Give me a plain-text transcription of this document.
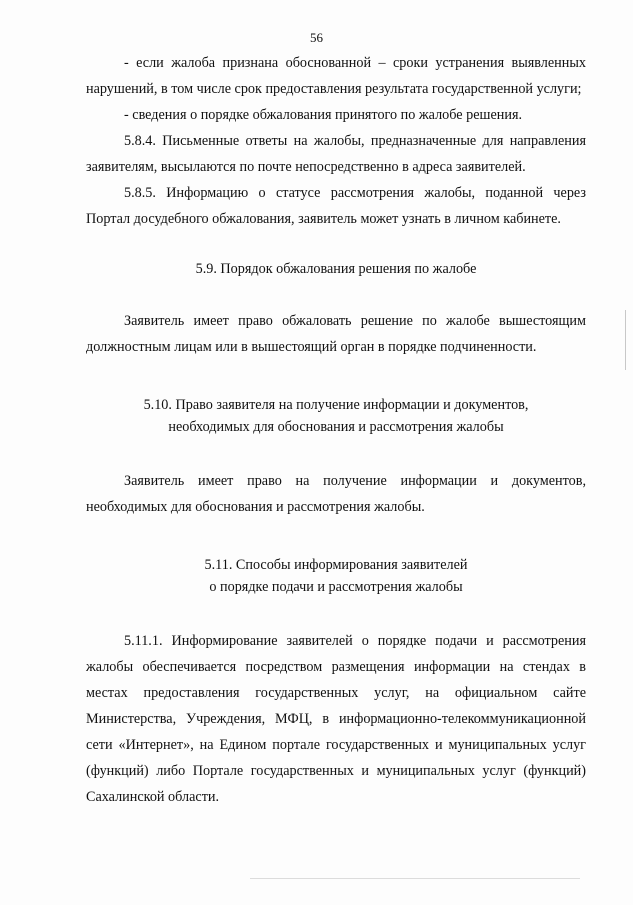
56

- если жалоба признана обоснованной – сроки устранения выявленных нарушений, в том числе срок предоставления результата государственной услуги;

- сведения о порядке обжалования принятого по жалобе решения.

5.8.4. Письменные ответы на жалобы, предназначенные для направления заявителям, высылаются по почте непосредственно в адреса заявителей.

5.8.5. Информацию о статусе рассмотрения жалобы, поданной через Портал досудебного обжалования, заявитель может узнать в личном кабинете.

5.9. Порядок обжалования решения по жалобе

Заявитель имеет право обжаловать решение по жалобе вышестоящим должностным лицам или в вышестоящий орган в порядке подчиненности.

5.10. Право заявителя на получение информации и документов,
необходимых для обоснования и рассмотрения жалобы

Заявитель имеет право на получение информации и документов, необходимых для обоснования и рассмотрения жалобы.

5.11. Способы информирования заявителей
о порядке подачи и рассмотрения жалобы

5.11.1. Информирование заявителей о порядке подачи и рассмотрения жалобы обеспечивается посредством размещения информации на стендах в местах предоставления государственных услуг, на официальном сайте Министерства, Учреждения, МФЦ, в информационно-телекоммуникационной сети «Интернет», на Едином портале государственных и муниципальных услуг (функций) либо Портале государственных и муниципальных услуг (функций) Сахалинской области.
